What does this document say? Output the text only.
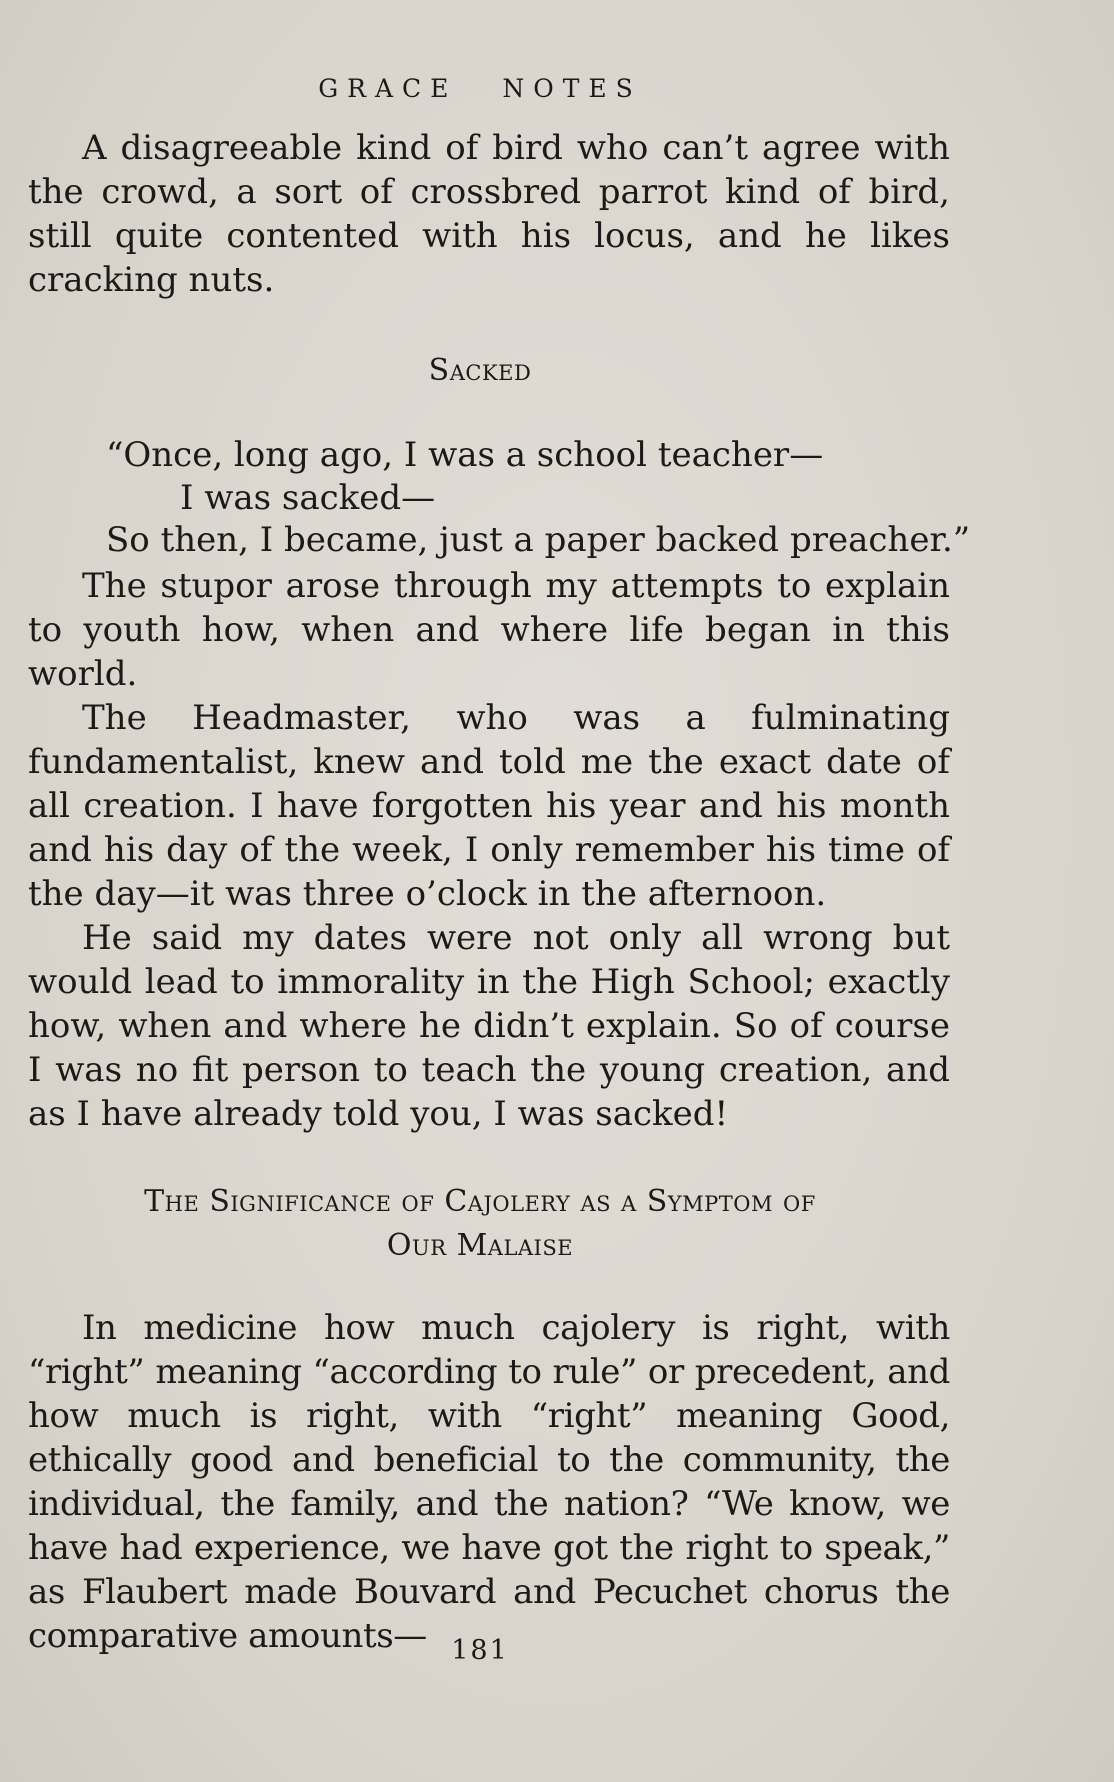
GRACE NOTES

A disagreeable kind of bird who can’t agree with the crowd, a sort of crossbred parrot kind of bird, still quite contented with his locus, and he likes cracking nuts.

Sacked
“Once, long ago, I was a school teacher—
I was sacked—
So then, I became, just a paper backed preacher.”

The stupor arose through my attempts to explain to youth how, when and where life began in this world.

The Headmaster, who was a fulminating fundamentalist, knew and told me the exact date of all creation. I have forgotten his year and his month and his day of the week, I only remember his time of the day—it was three o’clock in the afternoon.

He said my dates were not only all wrong but would lead to immorality in the High School; exactly how, when and where he didn’t explain. So of course I was no fit person to teach the young creation, and as I have already told you, I was sacked!

The Significance of Cajolery as a Symptom of
Our Malaise

In medicine how much cajolery is right, with “right” meaning “according to rule” or precedent, and how much is right, with “right” meaning Good, ethically good and beneficial to the community, the individual, the family, and the nation? “We know, we have had experience, we have got the right to speak,” as Flaubert made Bouvard and Pecuchet chorus the comparative amounts— 181
